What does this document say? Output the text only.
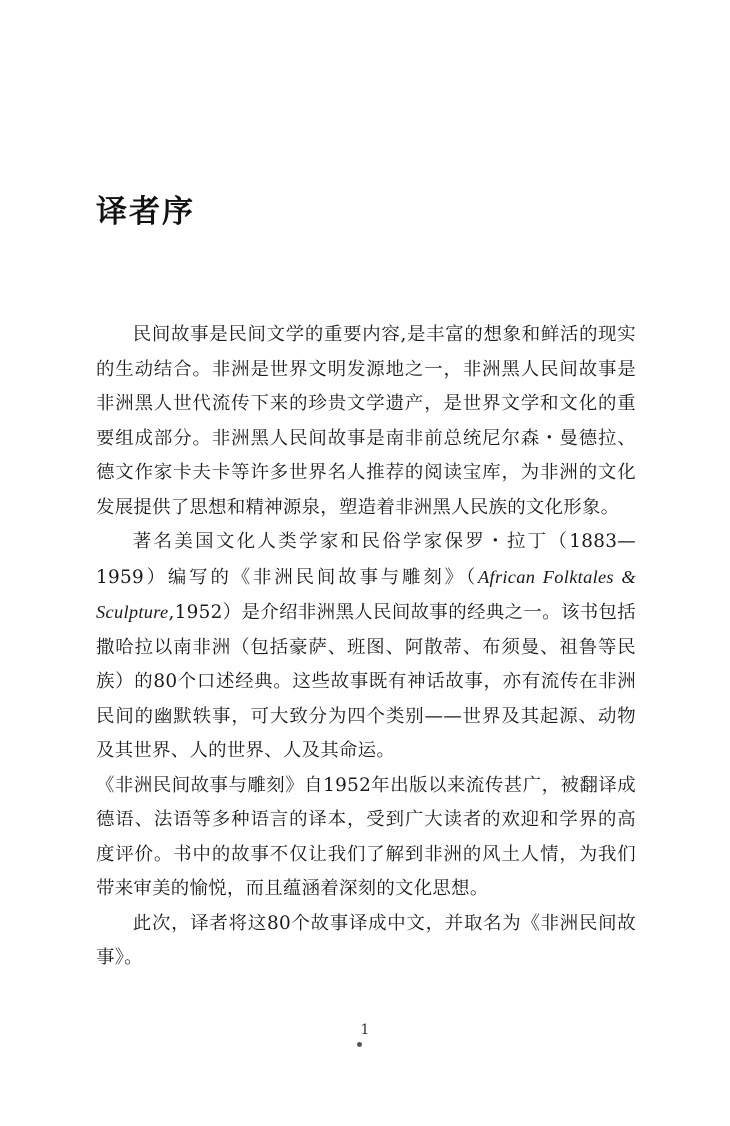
译者序

民间故事是民间文学的重要内容,是丰富的想象和鲜活的现实的生动结合。非洲是世界文明发源地之一，非洲黑人民间故事是非洲黑人世代流传下来的珍贵文学遗产，是世界文学和文化的重要组成部分。非洲黑人民间故事是南非前总统尼尔森・曼德拉、德文作家卡夫卡等许多世界名人推荐的阅读宝库，为非洲的文化发展提供了思想和精神源泉，塑造着非洲黑人民族的文化形象。

著名美国文化人类学家和民俗学家保罗・拉丁（1883—1959）编写的《非洲民间故事与雕刻》（African Folktales & Sculpture,1952）是介绍非洲黑人民间故事的经典之一。该书包括撒哈拉以南非洲（包括豪萨、班图、阿散蒂、布须曼、祖鲁等民族）的80个口述经典。这些故事既有神话故事，亦有流传在非洲民间的幽默轶事，可大致分为四个类别——世界及其起源、动物及其世界、人的世界、人及其命运。

《非洲民间故事与雕刻》自1952年出版以来流传甚广，被翻译成德语、法语等多种语言的译本，受到广大读者的欢迎和学界的高度评价。书中的故事不仅让我们了解到非洲的风土人情，为我们带来审美的愉悦，而且蕴涵着深刻的文化思想。

此次，译者将这80个故事译成中文，并取名为《非洲民间故事》。

1
